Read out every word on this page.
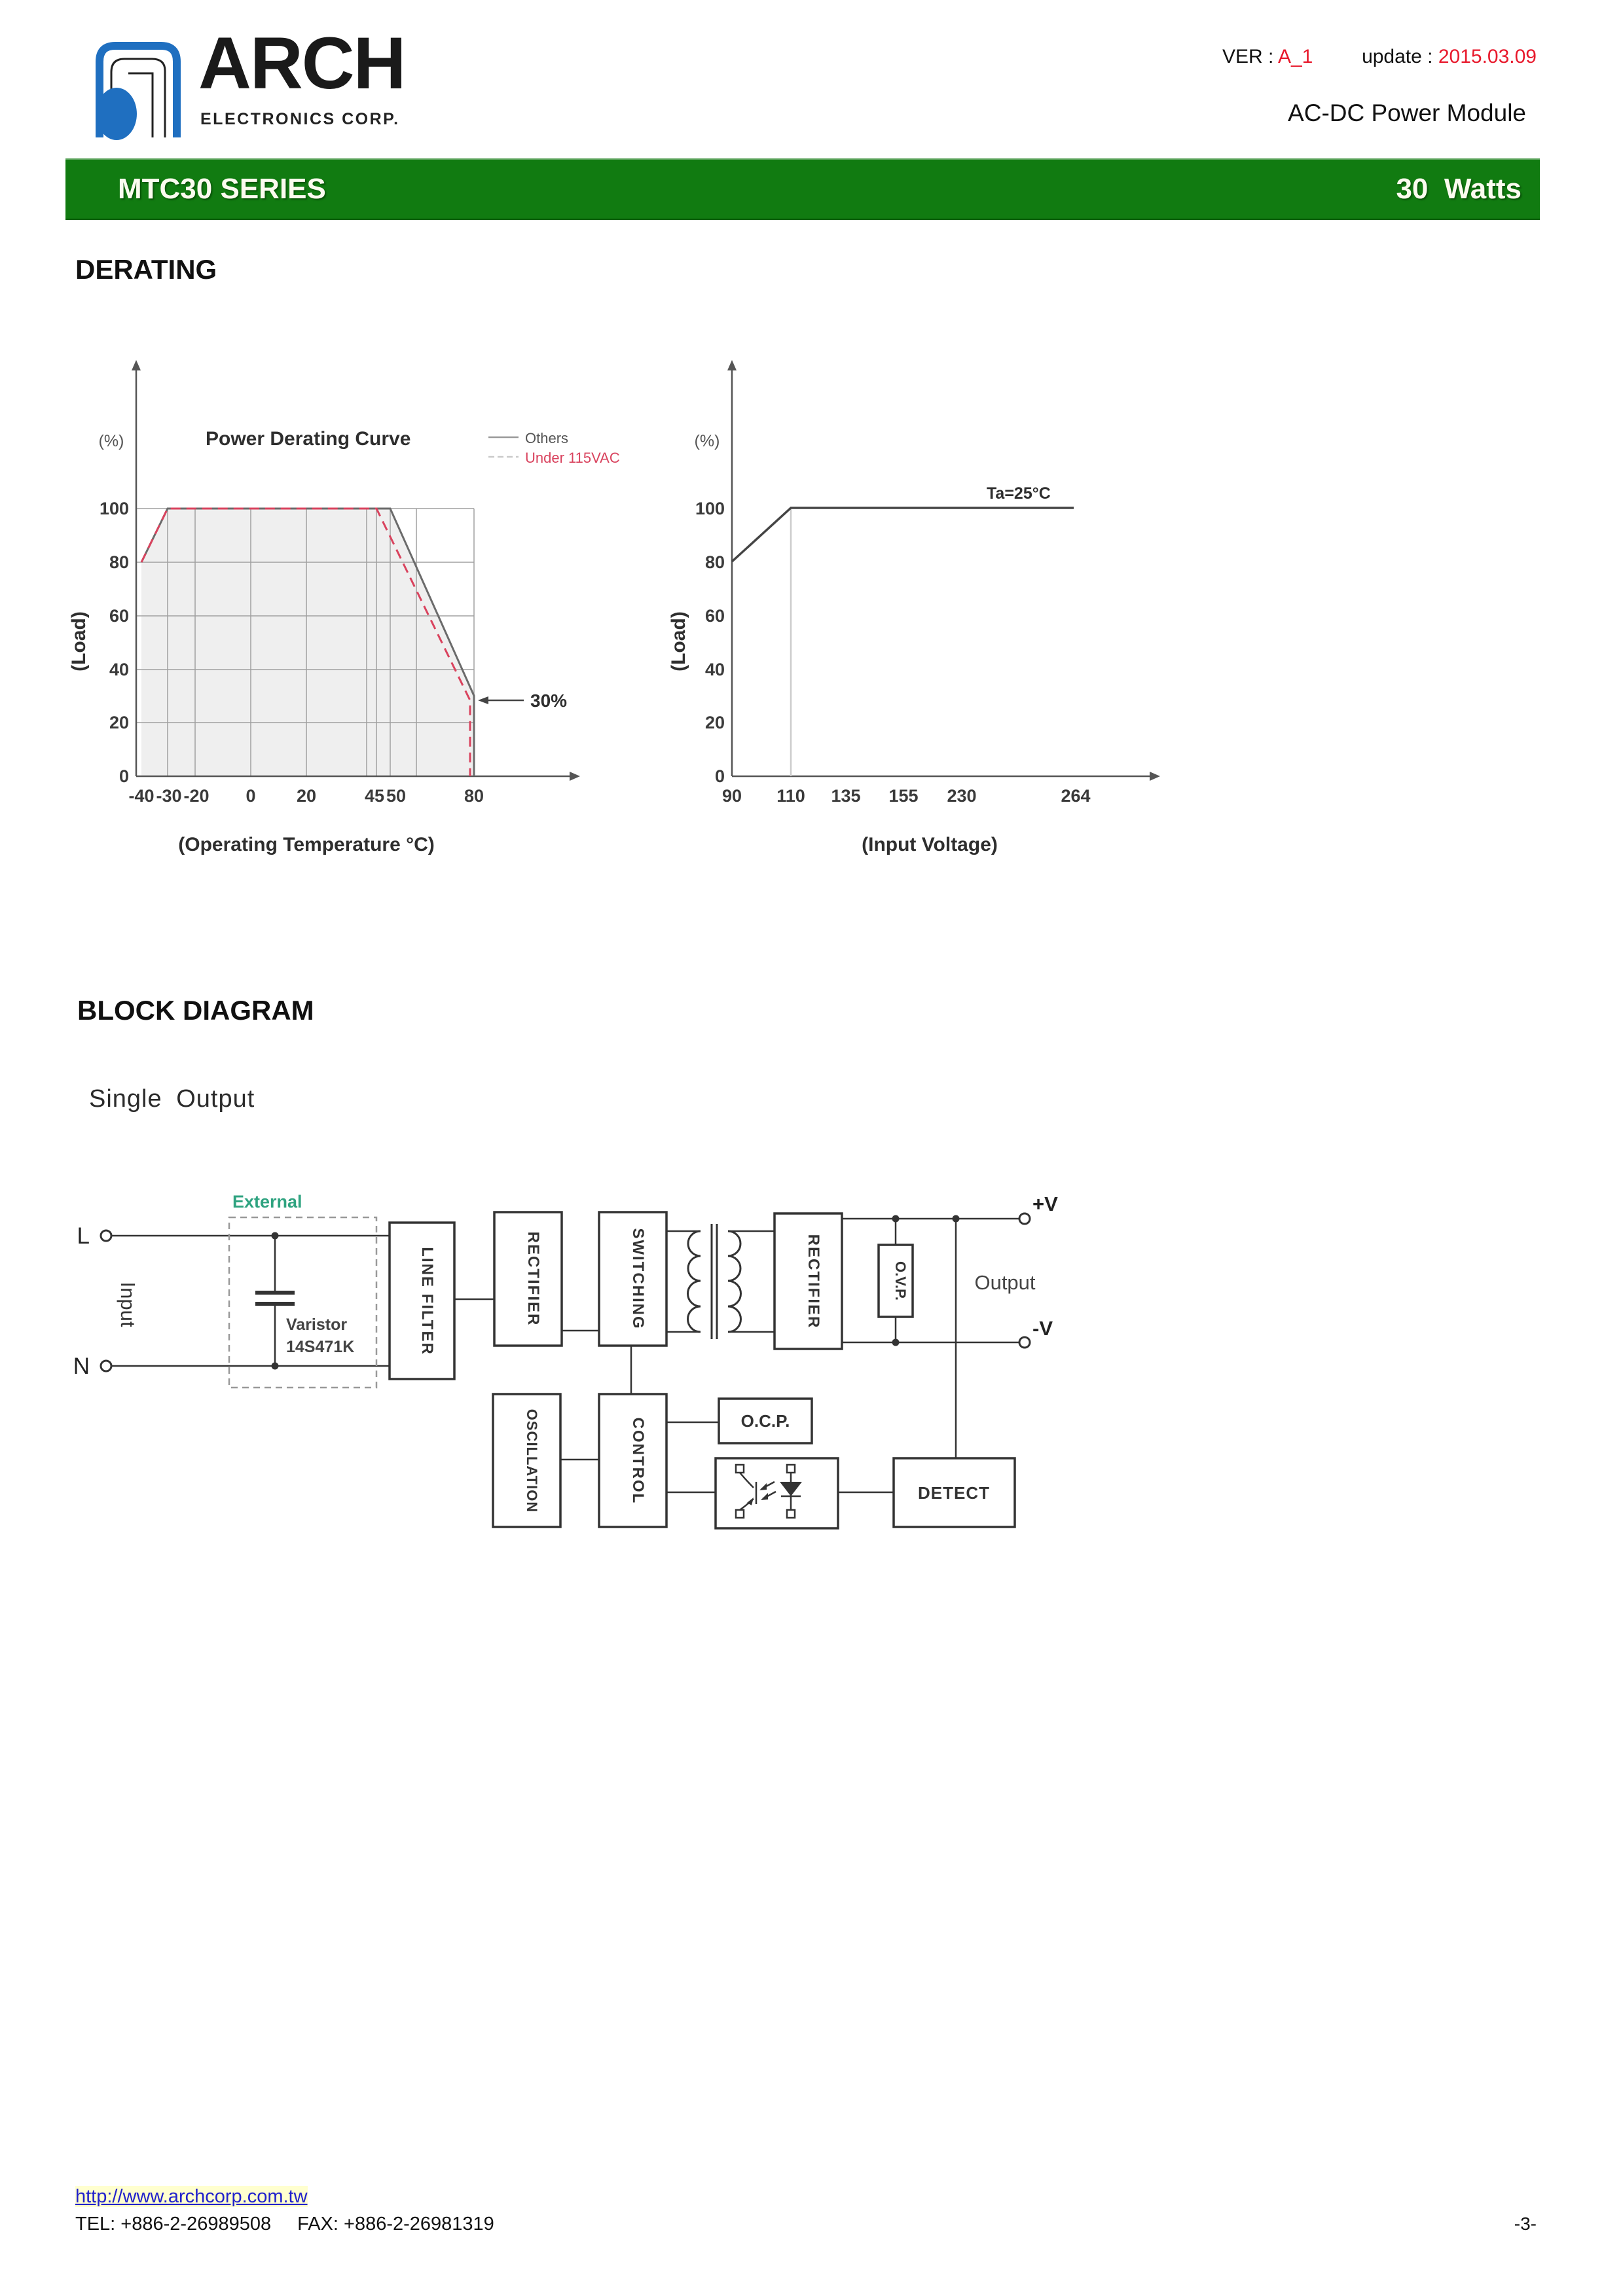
ARCH
ELECTRONICS CORP.
VER : A_1 update : 2015.03.09
AC-DC Power Module
MTC30 SERIES	30  Watts
DERATING
Power Derating Curve
(%)	Others
Under 115VAC
100
80
60
40
20
0
-40 -30 -20 0 20	45 50	80
30%
(Load)
(Operating Temperature °C)
(%)
Ta=25°C
100
80
60
40
20
0
90 110 135 155 230	264
(Load)
(Input Voltage)
BLOCK DIAGRAM
Single Output
L
N
Input
External
Varistor
14S471K	LINE FILTER	RECTIFIER	SWITCHING	RECTIFIER	O.V.P.
OSCILLATION	CONTROL	O.C.P.
DETECT
+V
-V
Output
http://www.archcorp.com.tw
TEL: +886-2-26989508 FAX: +886-2-26981319	-3-
